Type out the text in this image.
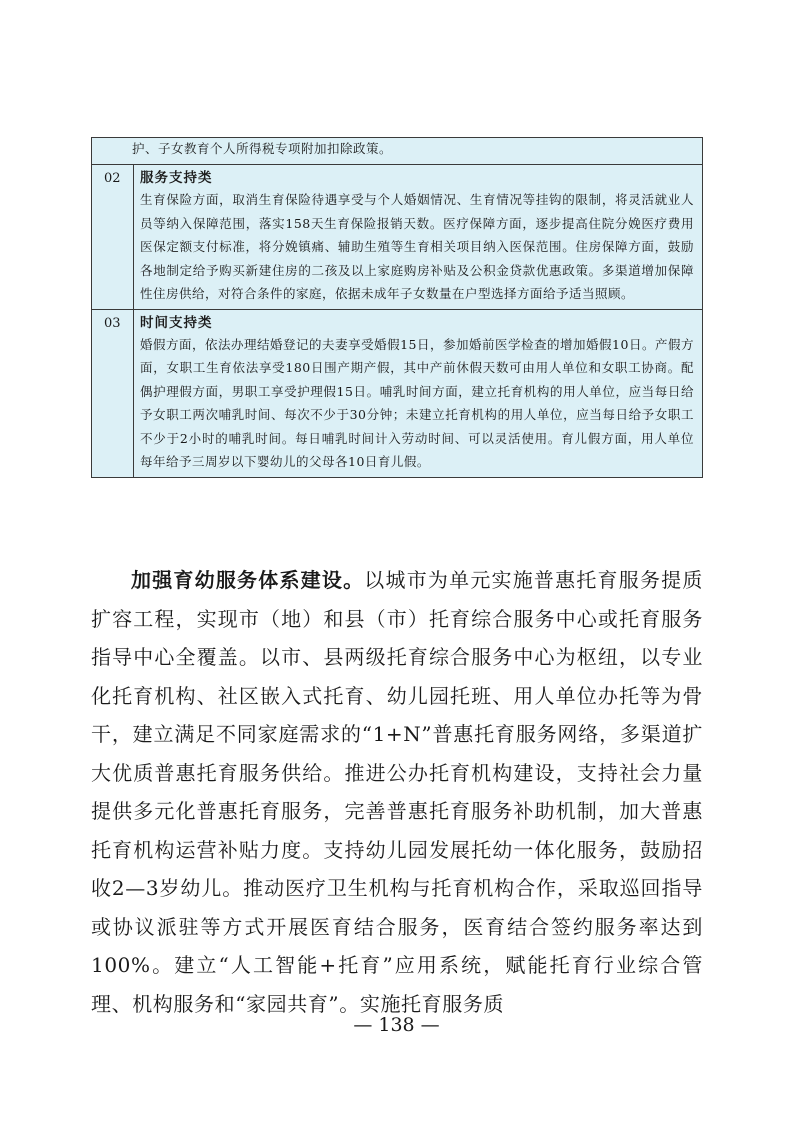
护、子女教育个人所得税专项附加扣除政策。	
02	服务支持类
生育保险方面，取消生育保险待遇享受与个人婚姻情况、生育情况等挂钩的限制，将灵活就业人员等纳入保障范围，落实158天生育保险报销天数。医疗保障方面，逐步提高住院分娩医疗费用医保定额支付标准，将分娩镇痛、辅助生殖等生育相关项目纳入医保范围。住房保障方面，鼓励各地制定给予购买新建住房的二孩及以上家庭购房补贴及公积金贷款优惠政策。多渠道增加保障性住房供给，对符合条件的家庭，依据未成年子女数量在户型选择方面给予适当照顾。

03	时间支持类
婚假方面，依法办理结婚登记的夫妻享受婚假15日，参加婚前医学检查的增加婚假10日。产假方面，女职工生育依法享受180日围产期产假，其中产前休假天数可由用人单位和女职工协商。配偶护理假方面，男职工享受护理假15日。哺乳时间方面，建立托育机构的用人单位，应当每日给予女职工两次哺乳时间、每次不少于30分钟；未建立托育机构的用人单位，应当每日给予女职工不少于2小时的哺乳时间。每日哺乳时间计入劳动时间、可以灵活使用。育儿假方面，用人单位每年给予三周岁以下婴幼儿的父母各10日育儿假。

加强育幼服务体系建设。以城市为单元实施普惠托育服务提质扩容工程，实现市（地）和县（市）托育综合服务中心或托育服务指导中心全覆盖。以市、县两级托育综合服务中心为枢纽，以专业化托育机构、社区嵌入式托育、幼儿园托班、用人单位办托等为骨干，建立满足不同家庭需求的“1+N”普惠托育服务网络，多渠道扩大优质普惠托育服务供给。推进公办托育机构建设，支持社会力量提供多元化普惠托育服务，完善普惠托育服务补助机制，加大普惠托育机构运营补贴力度。支持幼儿园发展托幼一体化服务，鼓励招收2—3岁幼儿。推动医疗卫生机构与托育机构合作，采取巡回指导或协议派驻等方式开展医育结合服务，医育结合签约服务率达到100%。建立“人工智能+托育”应用系统，赋能托育行业综合管理、机构服务和“家园共育”。实施托育服务质

— 138 —
